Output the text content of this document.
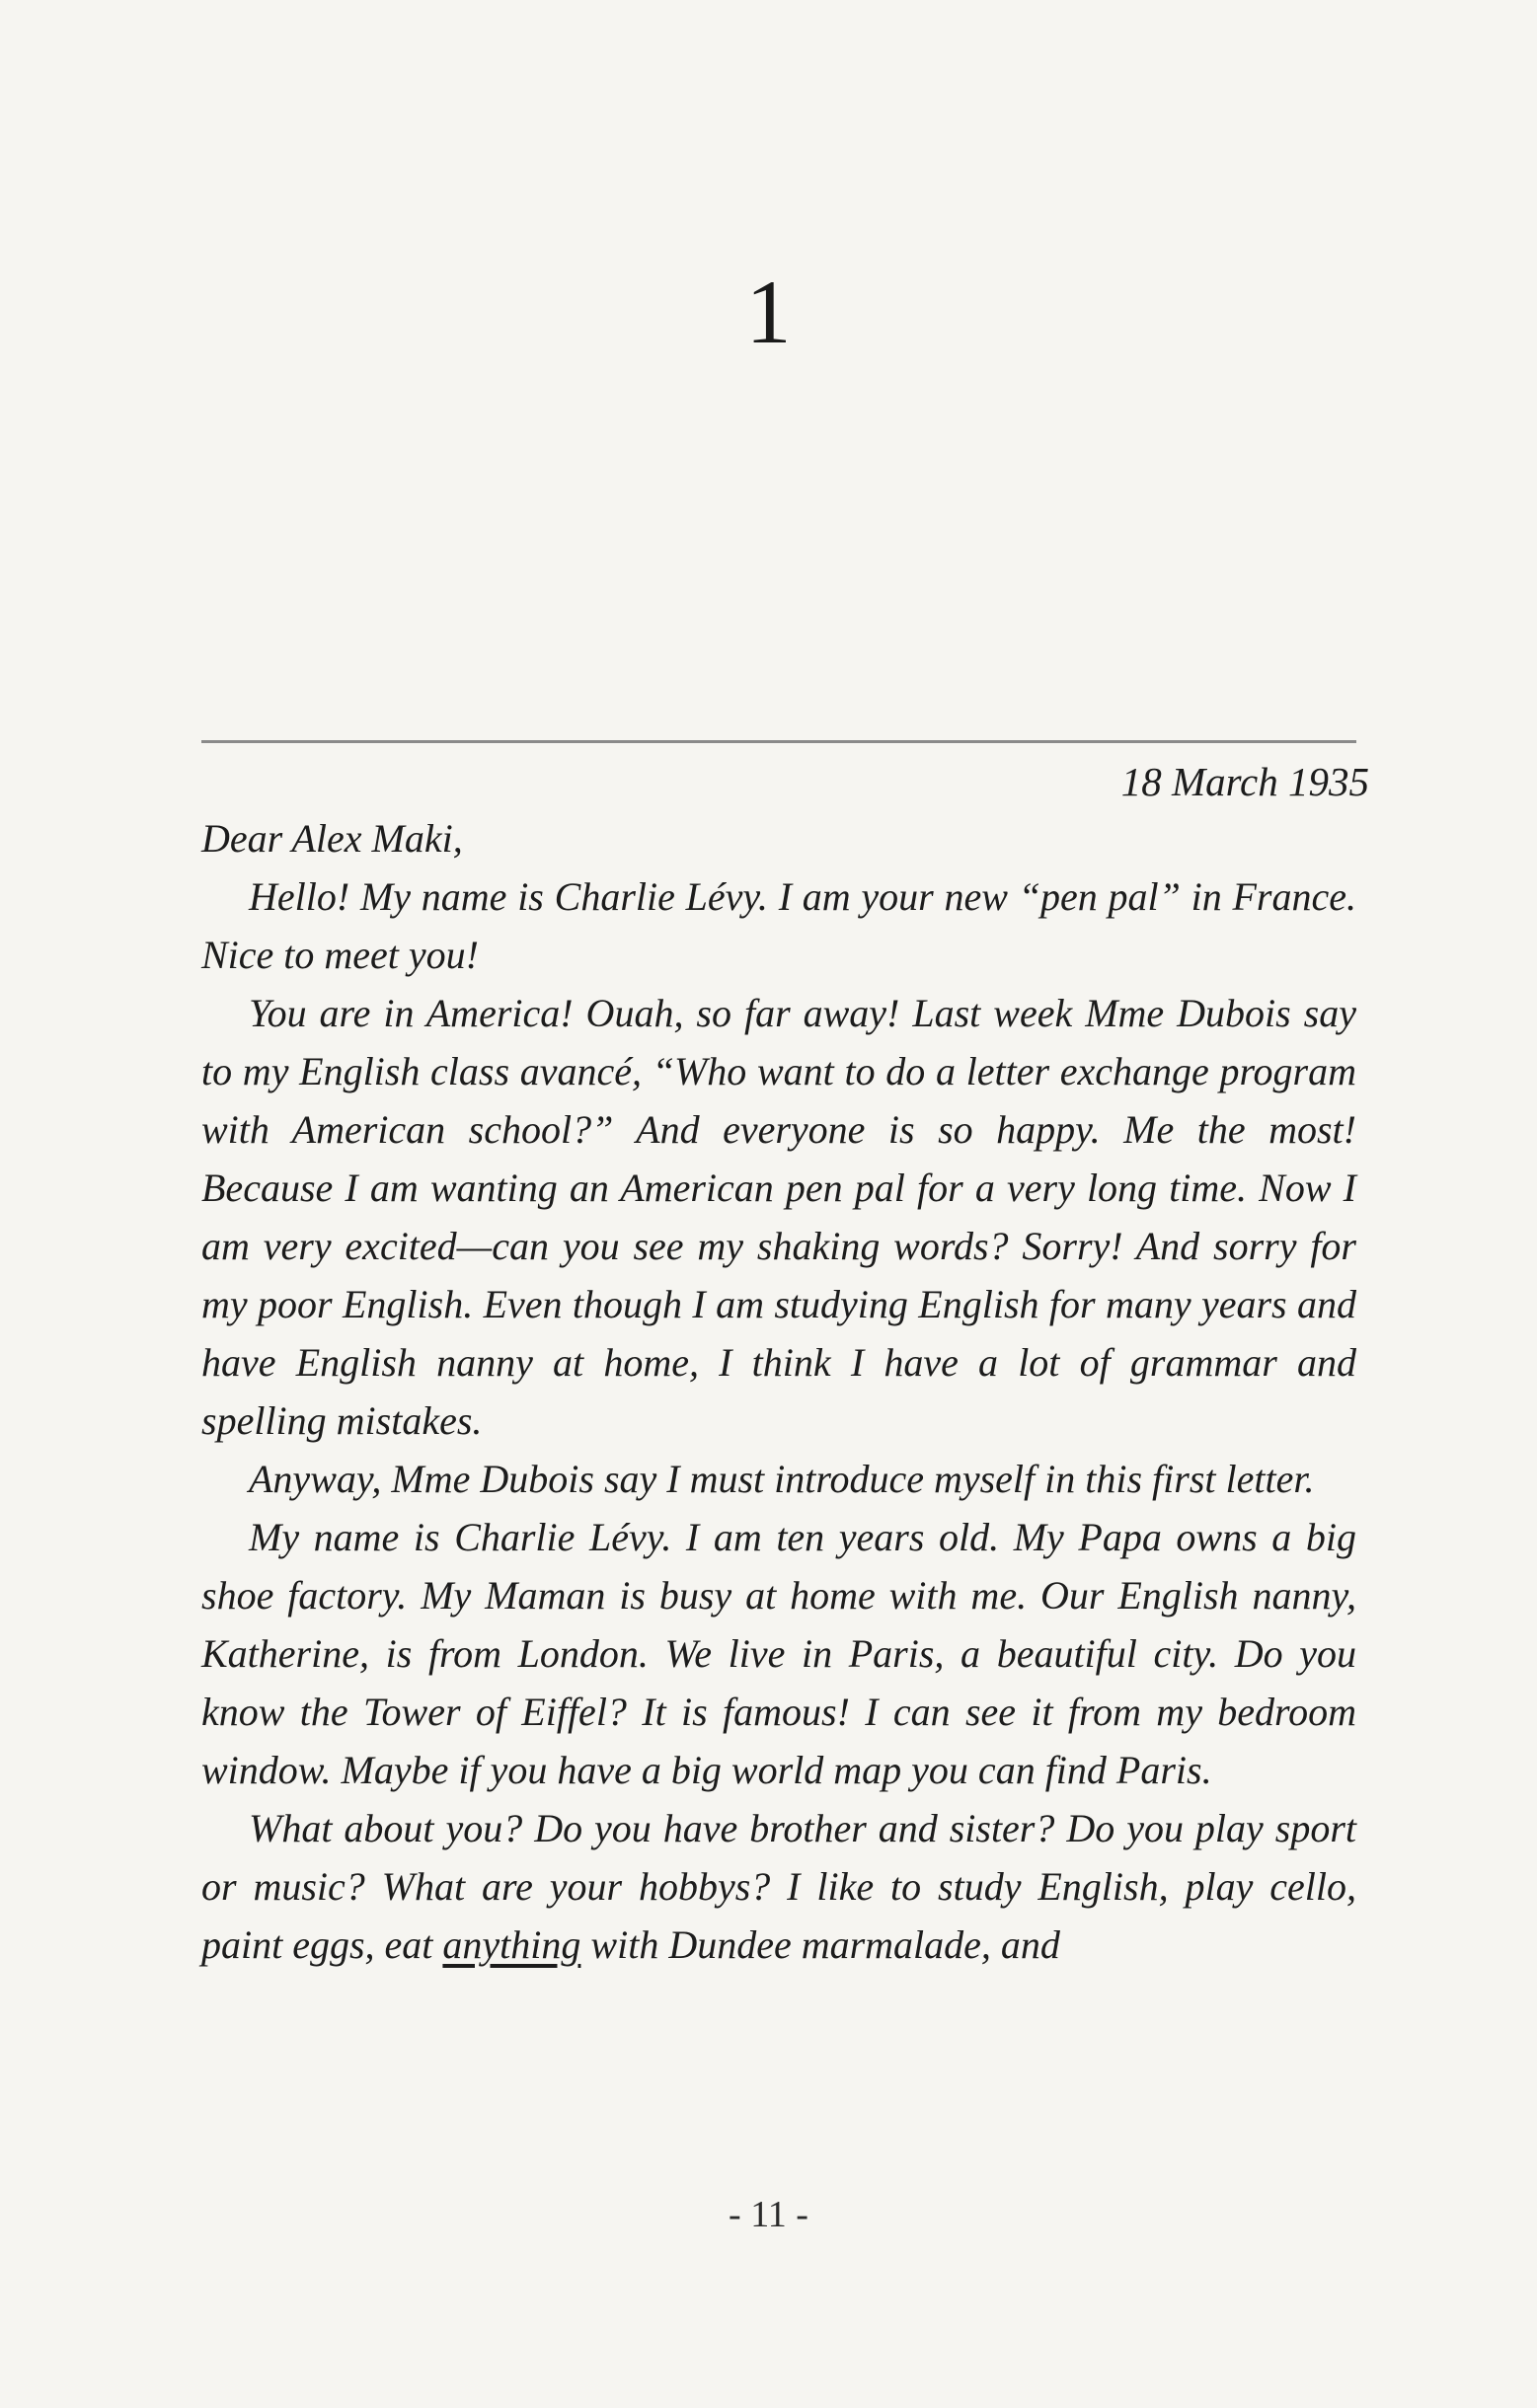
1
18 March 1935

Dear Alex Maki,

Hello! My name is Charlie Lévy. I am your new “pen pal” in France. Nice to meet you!

You are in America! Ouah, so far away! Last week Mme Dubois say to my English class avancé, “Who want to do a letter exchange program with American school?” And everyone is so happy. Me the most! Because I am wanting an American pen pal for a very long time. Now I am very excited—can you see my shaking words? Sorry! And sorry for my poor English. Even though I am studying English for many years and have English nanny at home, I think I have a lot of grammar and spelling mistakes.

Anyway, Mme Dubois say I must introduce myself in this first letter.

My name is Charlie Lévy. I am ten years old. My Papa owns a big shoe factory. My Maman is busy at home with me. Our English nanny, Katherine, is from London. We live in Paris, a beautiful city. Do you know the Tower of Eiffel? It is famous! I can see it from my bedroom window. Maybe if you have a big world map you can find Paris.

What about you? Do you have brother and sister? Do you play sport or music? What are your hobbys? I like to study English, play cello, paint eggs, eat anything with Dundee marmalade, and

- 11 -
